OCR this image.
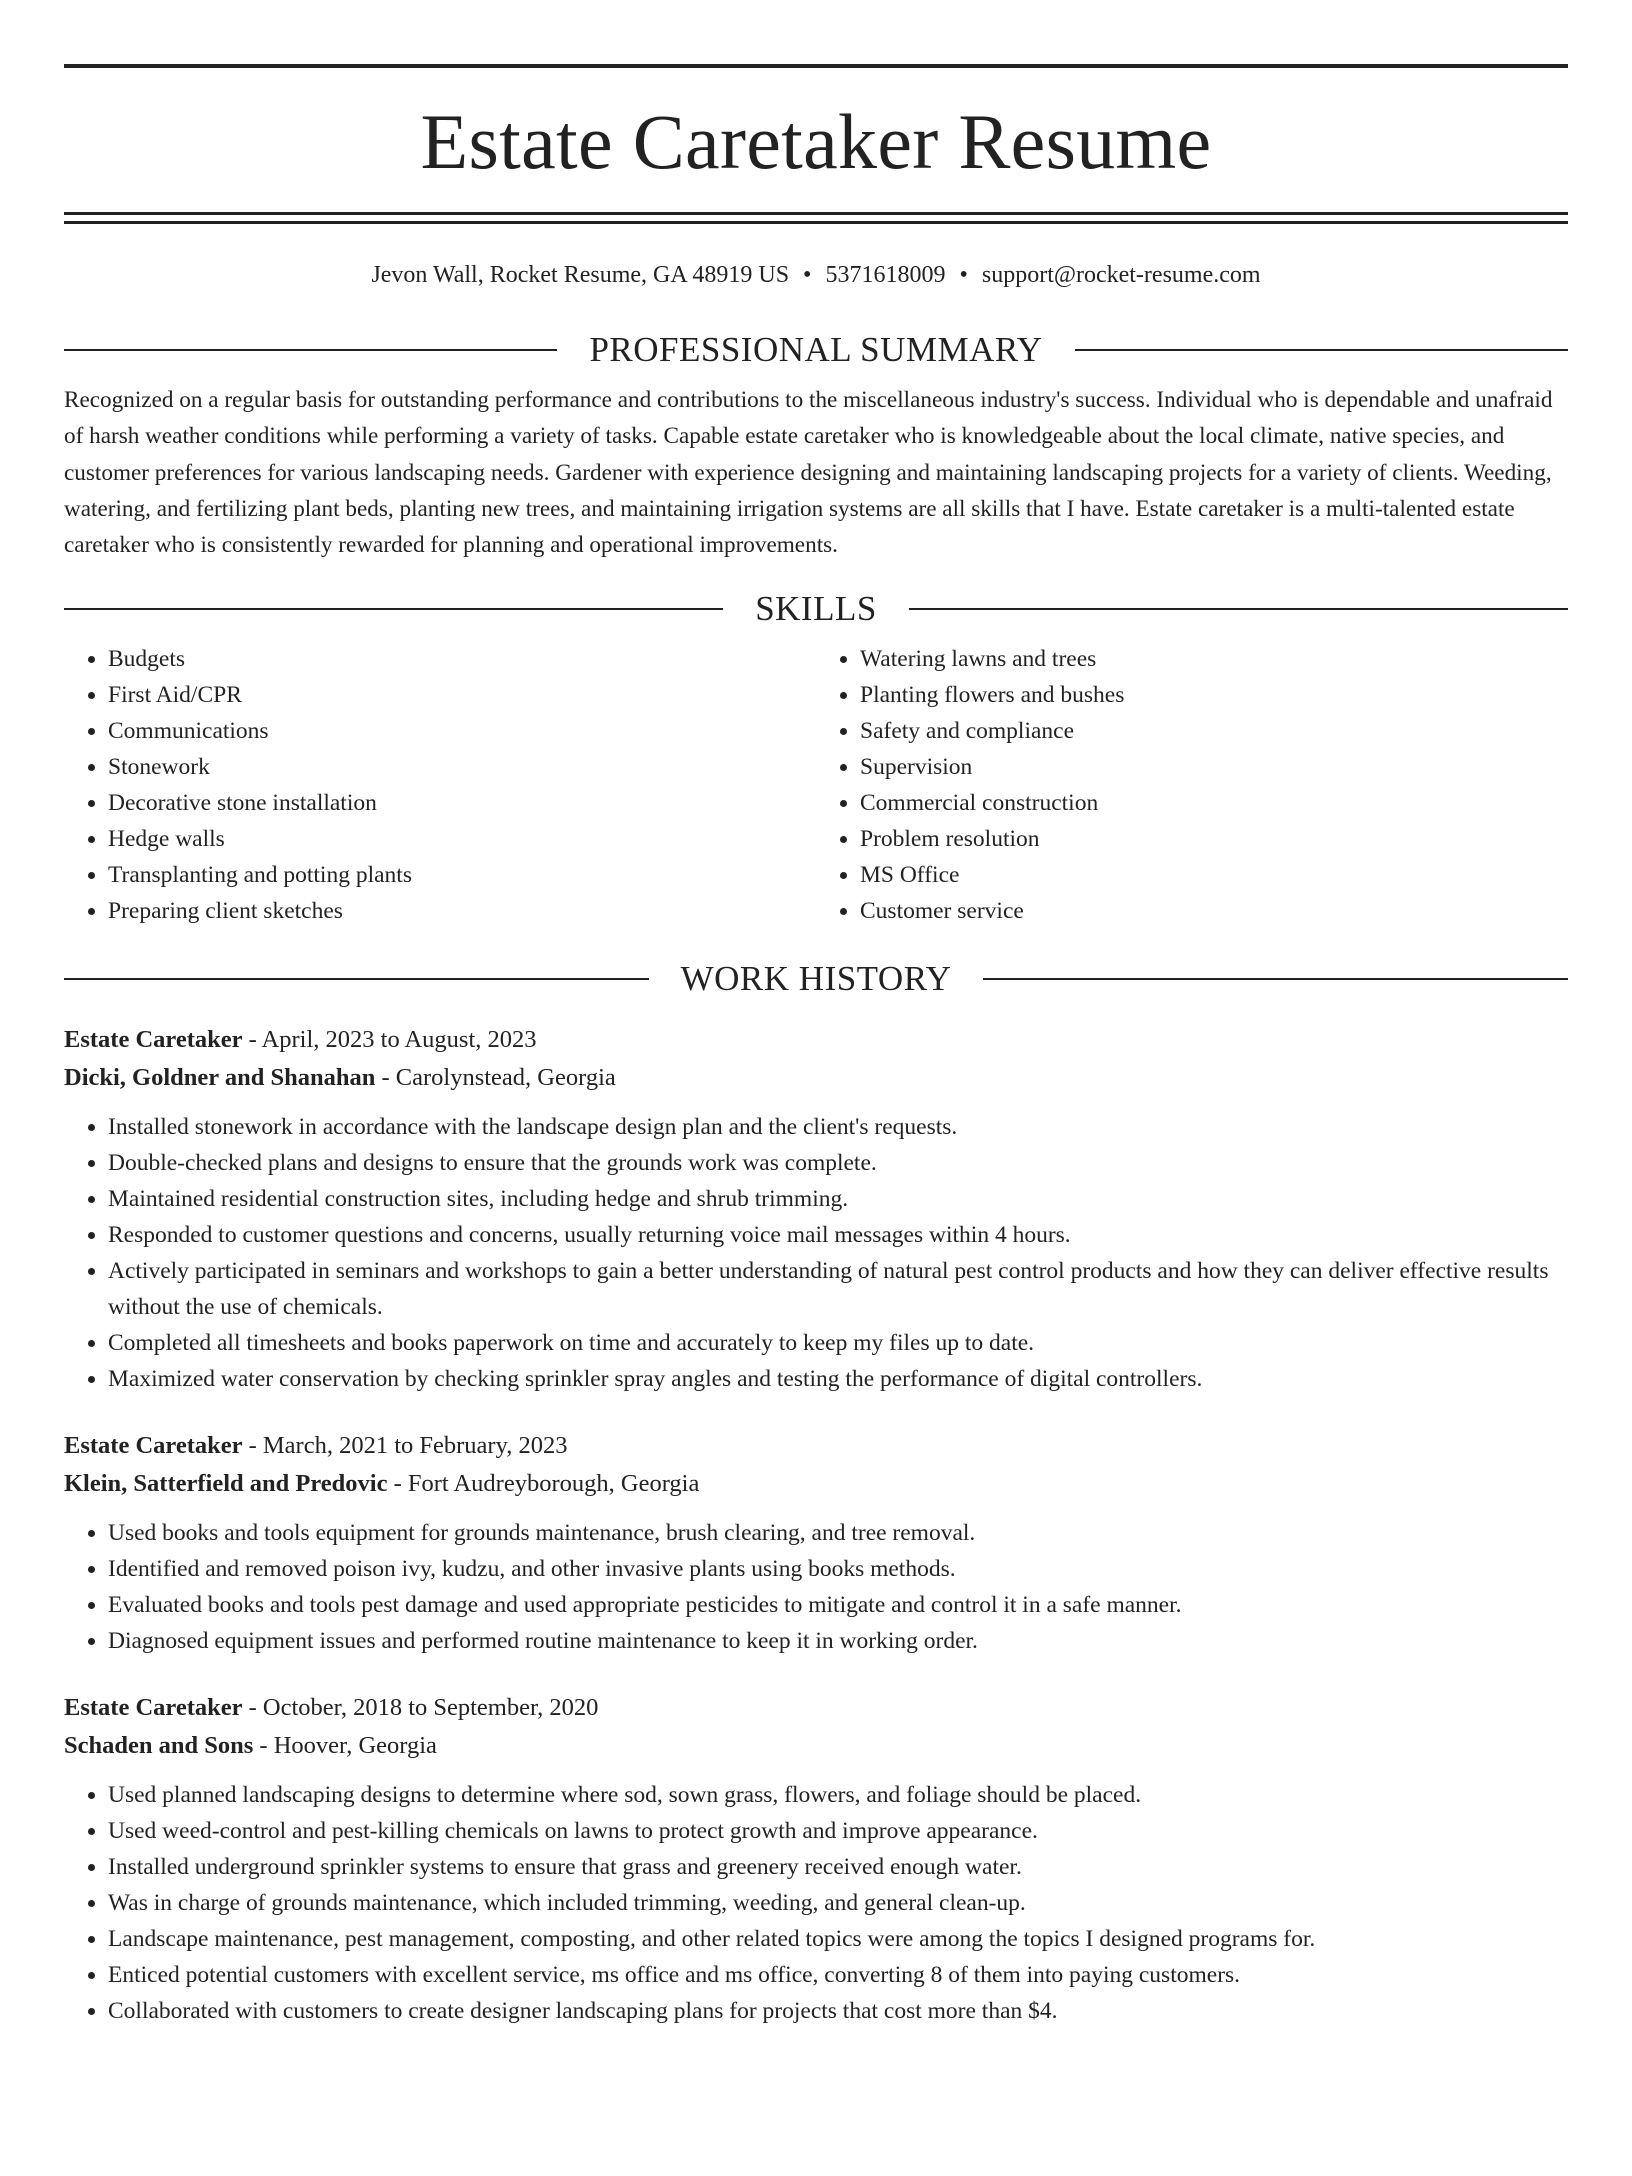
Estate Caretaker Resume
Jevon Wall, Rocket Resume, GA 48919 US • 5371618009 • support@rocket-resume.com
PROFESSIONAL SUMMARY
Recognized on a regular basis for outstanding performance and contributions to the miscellaneous industry's success. Individual who is dependable and unafraid of harsh weather conditions while performing a variety of tasks. Capable estate caretaker who is knowledgeable about the local climate, native species, and customer preferences for various landscaping needs. Gardener with experience designing and maintaining landscaping projects for a variety of clients. Weeding, watering, and fertilizing plant beds, planting new trees, and maintaining irrigation systems are all skills that I have. Estate caretaker is a multi-talented estate caretaker who is consistently rewarded for planning and operational improvements.
SKILLS
• Budgets
• First Aid/CPR
• Communications
• Stonework
• Decorative stone installation
• Hedge walls
• Transplanting and potting plants
• Preparing client sketches
• Watering lawns and trees
• Planting flowers and bushes
• Safety and compliance
• Supervision
• Commercial construction
• Problem resolution
• MS Office
• Customer service
WORK HISTORY
Estate Caretaker - April, 2023 to August, 2023
Dicki, Goldner and Shanahan - Carolynstead, Georgia
• Installed stonework in accordance with the landscape design plan and the client's requests.
• Double-checked plans and designs to ensure that the grounds work was complete.
• Maintained residential construction sites, including hedge and shrub trimming.
• Responded to customer questions and concerns, usually returning voice mail messages within 4 hours.
• Actively participated in seminars and workshops to gain a better understanding of natural pest control products and how they can deliver effective results without the use of chemicals.
• Completed all timesheets and books paperwork on time and accurately to keep my files up to date.
• Maximized water conservation by checking sprinkler spray angles and testing the performance of digital controllers.
Estate Caretaker - March, 2021 to February, 2023
Klein, Satterfield and Predovic - Fort Audreyborough, Georgia
• Used books and tools equipment for grounds maintenance, brush clearing, and tree removal.
• Identified and removed poison ivy, kudzu, and other invasive plants using books methods.
• Evaluated books and tools pest damage and used appropriate pesticides to mitigate and control it in a safe manner.
• Diagnosed equipment issues and performed routine maintenance to keep it in working order.
Estate Caretaker - October, 2018 to September, 2020
Schaden and Sons - Hoover, Georgia
• Used planned landscaping designs to determine where sod, sown grass, flowers, and foliage should be placed.
• Used weed-control and pest-killing chemicals on lawns to protect growth and improve appearance.
• Installed underground sprinkler systems to ensure that grass and greenery received enough water.
• Was in charge of grounds maintenance, which included trimming, weeding, and general clean-up.
• Landscape maintenance, pest management, composting, and other related topics were among the topics I designed programs for.
• Enticed potential customers with excellent service, ms office and ms office, converting 8 of them into paying customers.
• Collaborated with customers to create designer landscaping plans for projects that cost more than $4.
